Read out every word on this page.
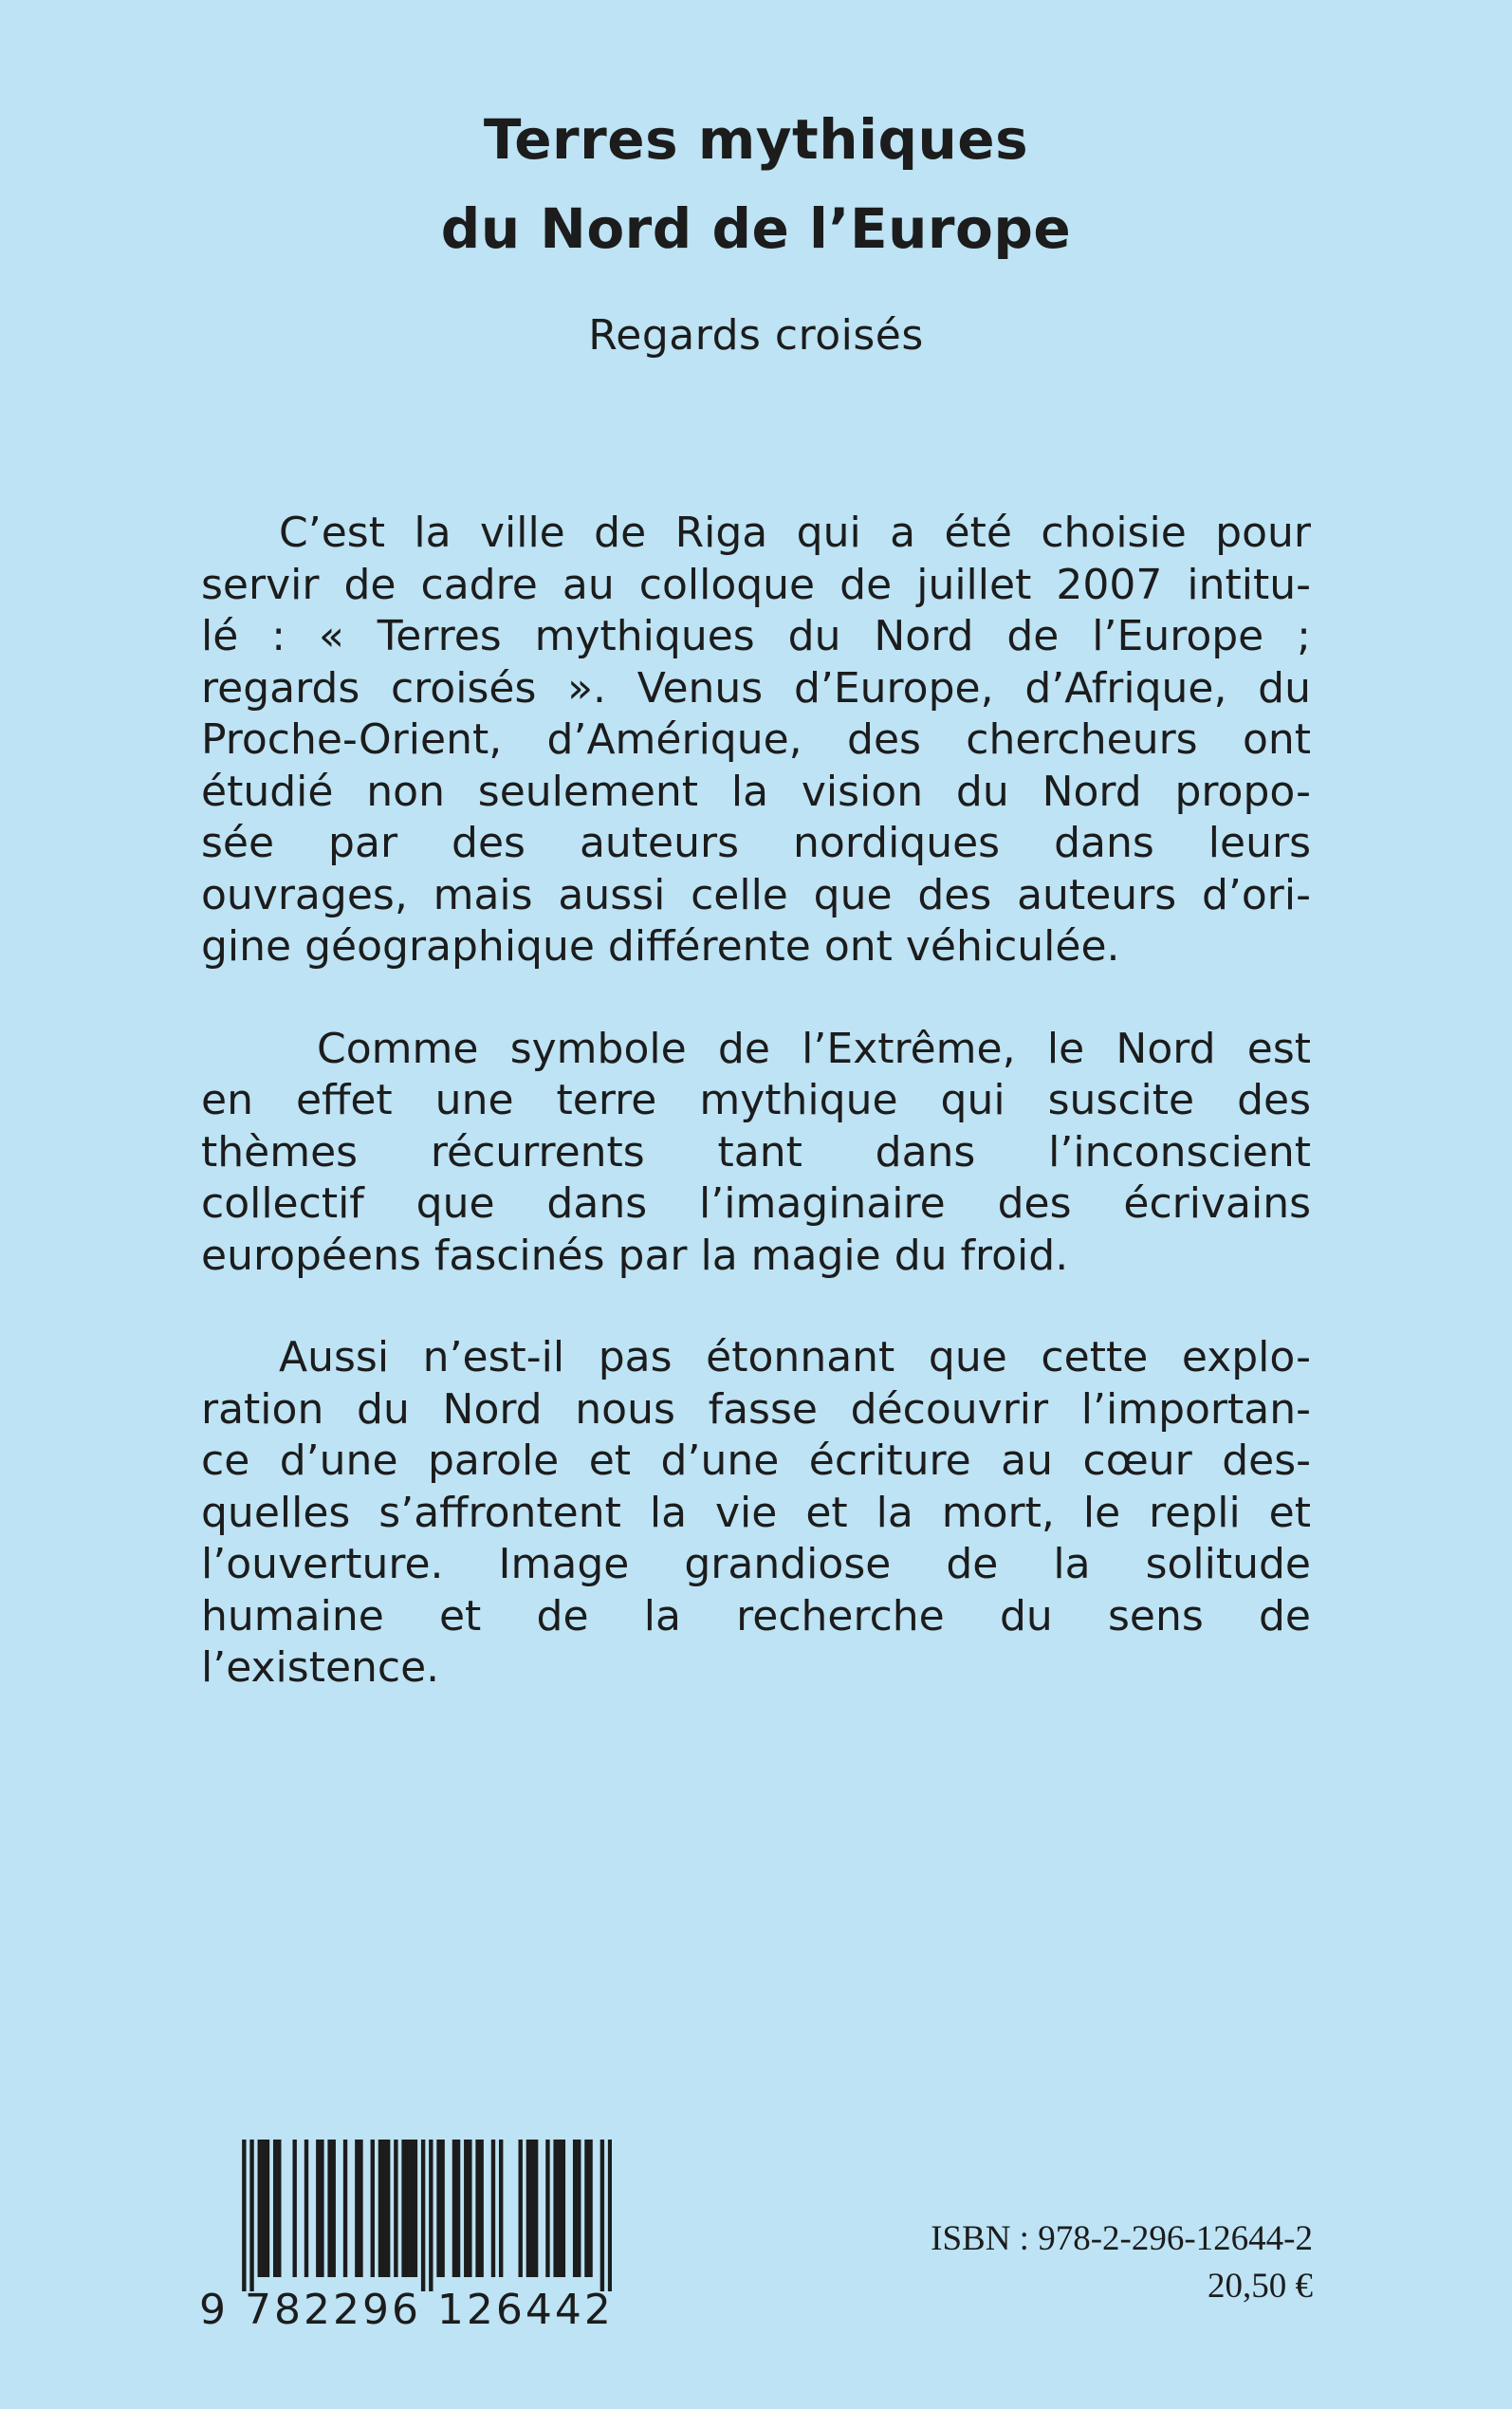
Terres mythiques
du Nord de l’Europe
Regards croisés
C’est la ville de Riga qui a été choisie pour
servir de cadre au colloque de juillet 2007 intitu-
lé : « Terres mythiques du Nord de l’Europe ;
regards croisés ». Venus d’Europe, d’Afrique, du
Proche-Orient, d’Amérique, des chercheurs ont
étudié non seulement la vision du Nord propo-
sée par des auteurs nordiques dans leurs
ouvrages, mais aussi celle que des auteurs d’ori-
gine géographique différente ont véhiculée.
Comme symbole de l’Extrême, le Nord est
en effet une terre mythique qui suscite des
thèmes récurrents tant dans l’inconscient
collectif que dans l’imaginaire des écrivains
européens fascinés par la magie du froid.
Aussi n’est-il pas étonnant que cette explo-
ration du Nord nous fasse découvrir l’importan-
ce d’une parole et d’une écriture au cœur des-
quelles s’affrontent la vie et la mort, le repli et
l’ouverture. Image grandiose de la solitude
humaine et de la recherche du sens de
l’existence.
9 782296 126442
ISBN : 978-2-296-12644-2
20,50 €
